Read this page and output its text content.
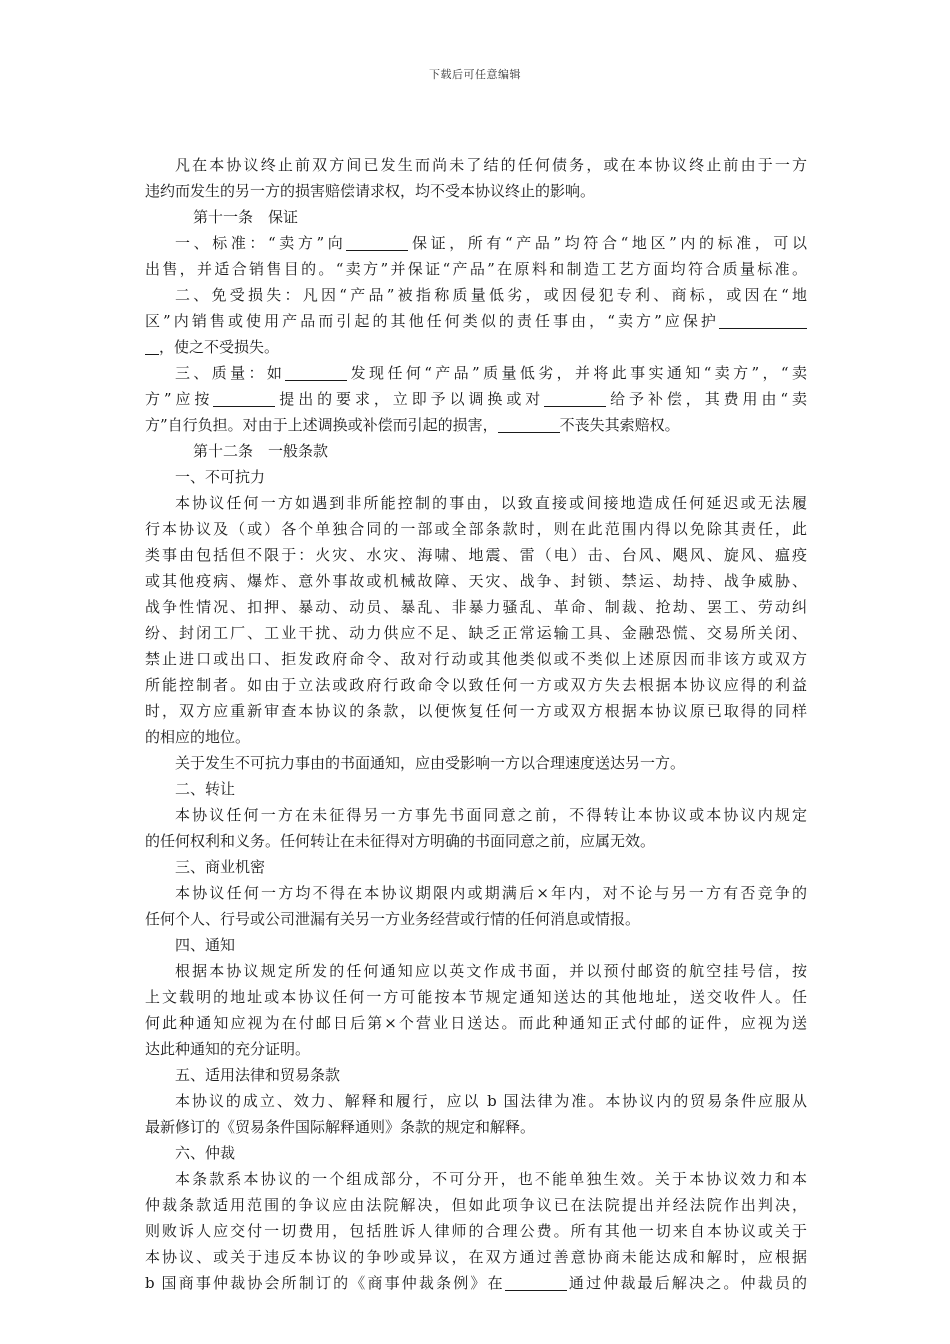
下载后可任意编辑
凡在本协议终止前双方间已发生而尚未了结的任何债务，或在本协议终止前由于一方
违约而发生的另一方的损害赔偿请求权，均不受本协议终止的影响。
第十一条　保证
一、标准：“卖方”向	保证，所有“产品”均符合“地区”内的标准，可以
出售，并适合销售目的。“卖方”并保证“产品”在原料和制造工艺方面均符合质量标准。
二、免受损失：凡因“产品”被指称质量低劣，或因侵犯专利、商标，或因在“地
区”内销售或使用产品而引起的其他任何类似的责任事由，“卖方”应保护
，使之不受损失。
三、质量：如	发现任何“产品”质量低劣，并将此事实通知“卖方”，“卖
方”应按	提出的要求，立即予以调换或对	给予补偿，其费用由“卖
方”自行负担。对由于上述调换或补偿而引起的损害，	不丧失其索赔权。
第十二条　一般条款
一、不可抗力
本协议任何一方如遇到非所能控制的事由，以致直接或间接地造成任何延迟或无法履
行本协议及（或）各个单独合同的一部或全部条款时，则在此范围内得以免除其责任，此
类事由包括但不限于：火灾、水灾、海啸、地震、雷（电）击、台风、飓风、旋风、瘟疫
或其他疫病、爆炸、意外事故或机械故障、天灾、战争、封锁、禁运、劫持、战争威胁、
战争性情况、扣押、暴动、动员、暴乱、非暴力骚乱、革命、制裁、抢劫、罢工、劳动纠
纷、封闭工厂、工业干扰、动力供应不足、缺乏正常运输工具、金融恐慌、交易所关闭、
禁止进口或出口、拒发政府命令、敌对行动或其他类似或不类似上述原因而非该方或双方
所能控制者。如由于立法或政府行政命令以致任何一方或双方失去根据本协议应得的利益
时，双方应重新审查本协议的条款，以便恢复任何一方或双方根据本协议原已取得的同样
的相应的地位。
关于发生不可抗力事由的书面通知，应由受影响一方以合理速度送达另一方。
二、转让
本协议任何一方在未征得另一方事先书面同意之前，不得转让本协议或本协议内规定
的任何权利和义务。任何转让在未征得对方明确的书面同意之前，应属无效。
三、商业机密
本协议任何一方均不得在本协议期限内或期满后×年内，对不论与另一方有否竞争的
任何个人、行号或公司泄漏有关另一方业务经营或行情的任何消息或情报。
四、通知
根据本协议规定所发的任何通知应以英文作成书面，并以预付邮资的航空挂号信，按
上文载明的地址或本协议任何一方可能按本节规定通知送达的其他地址，送交收件人。任
何此种通知应视为在付邮日后第×个营业日送达。而此种通知正式付邮的证件，应视为送
达此种通知的充分证明。
五、适用法律和贸易条款
本协议的成立、效力、解释和履行，应以 b 国法律为准。本协议内的贸易条件应服从
最新修订的《贸易条件国际解释通则》条款的规定和解释。
六、仲裁
本条款系本协议的一个组成部分，不可分开，也不能单独生效。关于本协议效力和本
仲裁条款适用范围的争议应由法院解决，但如此项争议已在法院提出并经法院作出判决，
则败诉人应交付一切费用，包括胜诉人律师的合理公费。所有其他一切来自本协议或关于
本协议、或关于违反本协议的争吵或异议，在双方通过善意协商未能达成和解时，应根据
b 国商事仲裁协会所制订的《商事仲裁条例》在	通过仲裁最后解决之。仲裁员的
